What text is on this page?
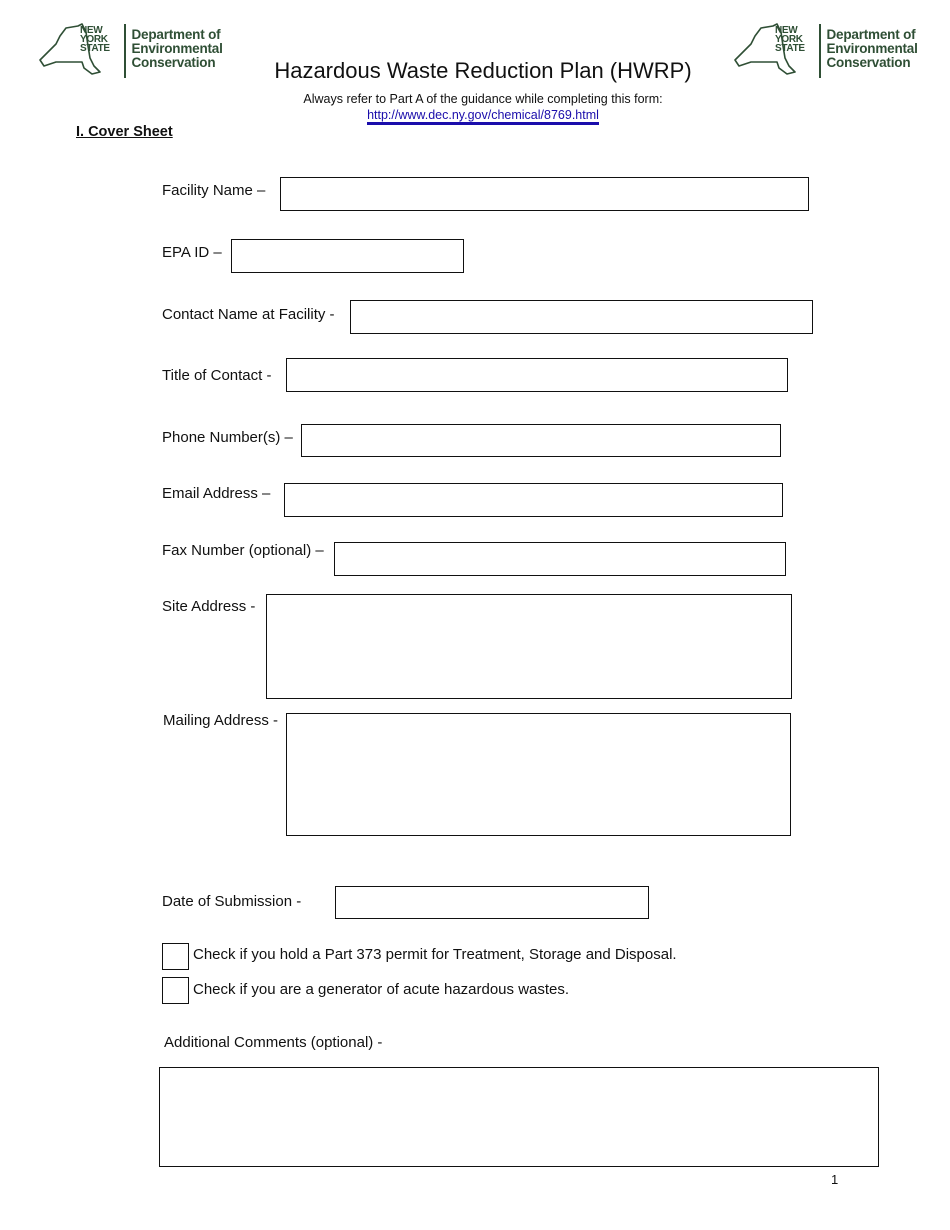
NEW
YORK
STATE
Department of
Environmental
Conservation
NEW
YORK
STATE
Department of
Environmental
Conservation
Hazardous Waste Reduction Plan (HWRP)
Always refer to Part A of the guidance while completing this form:
http://www.dec.ny.gov/chemical/8769.html
I. Cover Sheet
Facility Name –
EPA ID –
Contact Name at Facility -
Title of Contact -
Phone Number(s) –
Email Address –
Fax Number (optional) –
Site Address -
Mailing Address -
Date of Submission -
Check if you hold a Part 373 permit for Treatment, Storage and Disposal.
Check if you are a generator of acute hazardous wastes.
Additional Comments (optional) -
1
